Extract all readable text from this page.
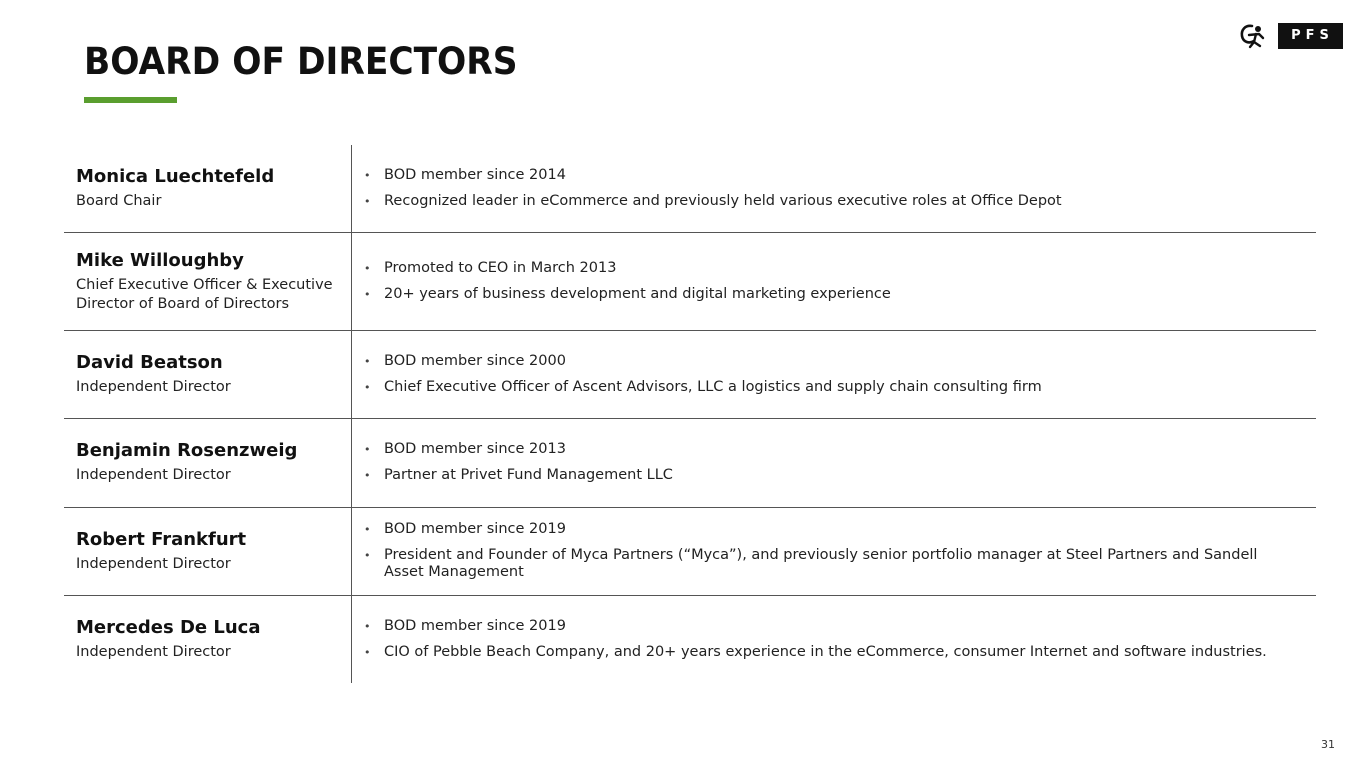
BOARD OF DIRECTORS
PFS
Monica Luechtefeld
Board Chair
• BOD member since 2014
• Recognized leader in eCommerce and previously held various executive roles at Office Depot
Mike Willoughby
Chief Executive Officer & Executive Director of Board of Directors
• Promoted to CEO in March 2013
• 20+ years of business development and digital marketing experience
David Beatson
Independent Director
• BOD member since 2000
• Chief Executive Officer of Ascent Advisors, LLC a logistics and supply chain consulting firm
Benjamin Rosenzweig
Independent Director
• BOD member since 2013
• Partner at Privet Fund Management LLC
Robert Frankfurt
Independent Director
• BOD member since 2019
• President and Founder of Myca Partners (“Myca”), and previously senior portfolio manager at Steel Partners and Sandell Asset Management
Mercedes De Luca
Independent Director
• BOD member since 2019
• CIO of Pebble Beach Company, and 20+ years experience in the eCommerce, consumer Internet and software industries.
31
